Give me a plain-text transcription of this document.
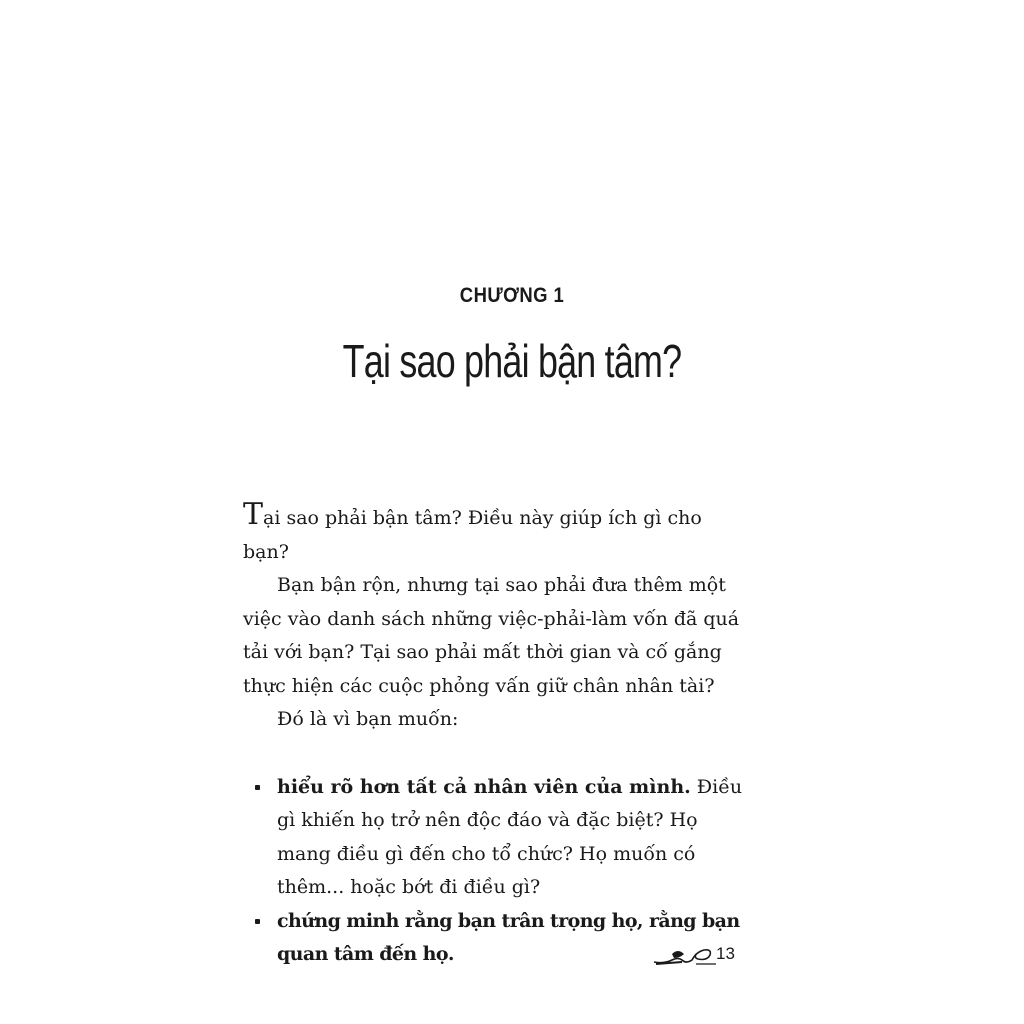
CHƯƠNG 1
Tại sao phải bận tâm?

Tại sao phải bận tâm? Điều này giúp ích gì cho bạn?

Bạn bận rộn, nhưng tại sao phải đưa thêm một việc vào danh sách những việc-phải-làm vốn đã quá tải với bạn? Tại sao phải mất thời gian và cố gắng thực hiện các cuộc phỏng vấn giữ chân nhân tài?

Đó là vì bạn muốn:

hiểu rõ hơn tất cả nhân viên của mình. Điều gì khiến họ trở nên độc đáo và đặc biệt? Họ mang điều gì đến cho tổ chức? Họ muốn có thêm... hoặc bớt đi điều gì?

chứng minh rằng bạn trân trọng họ, rằng bạn quan tâm đến họ.	13
